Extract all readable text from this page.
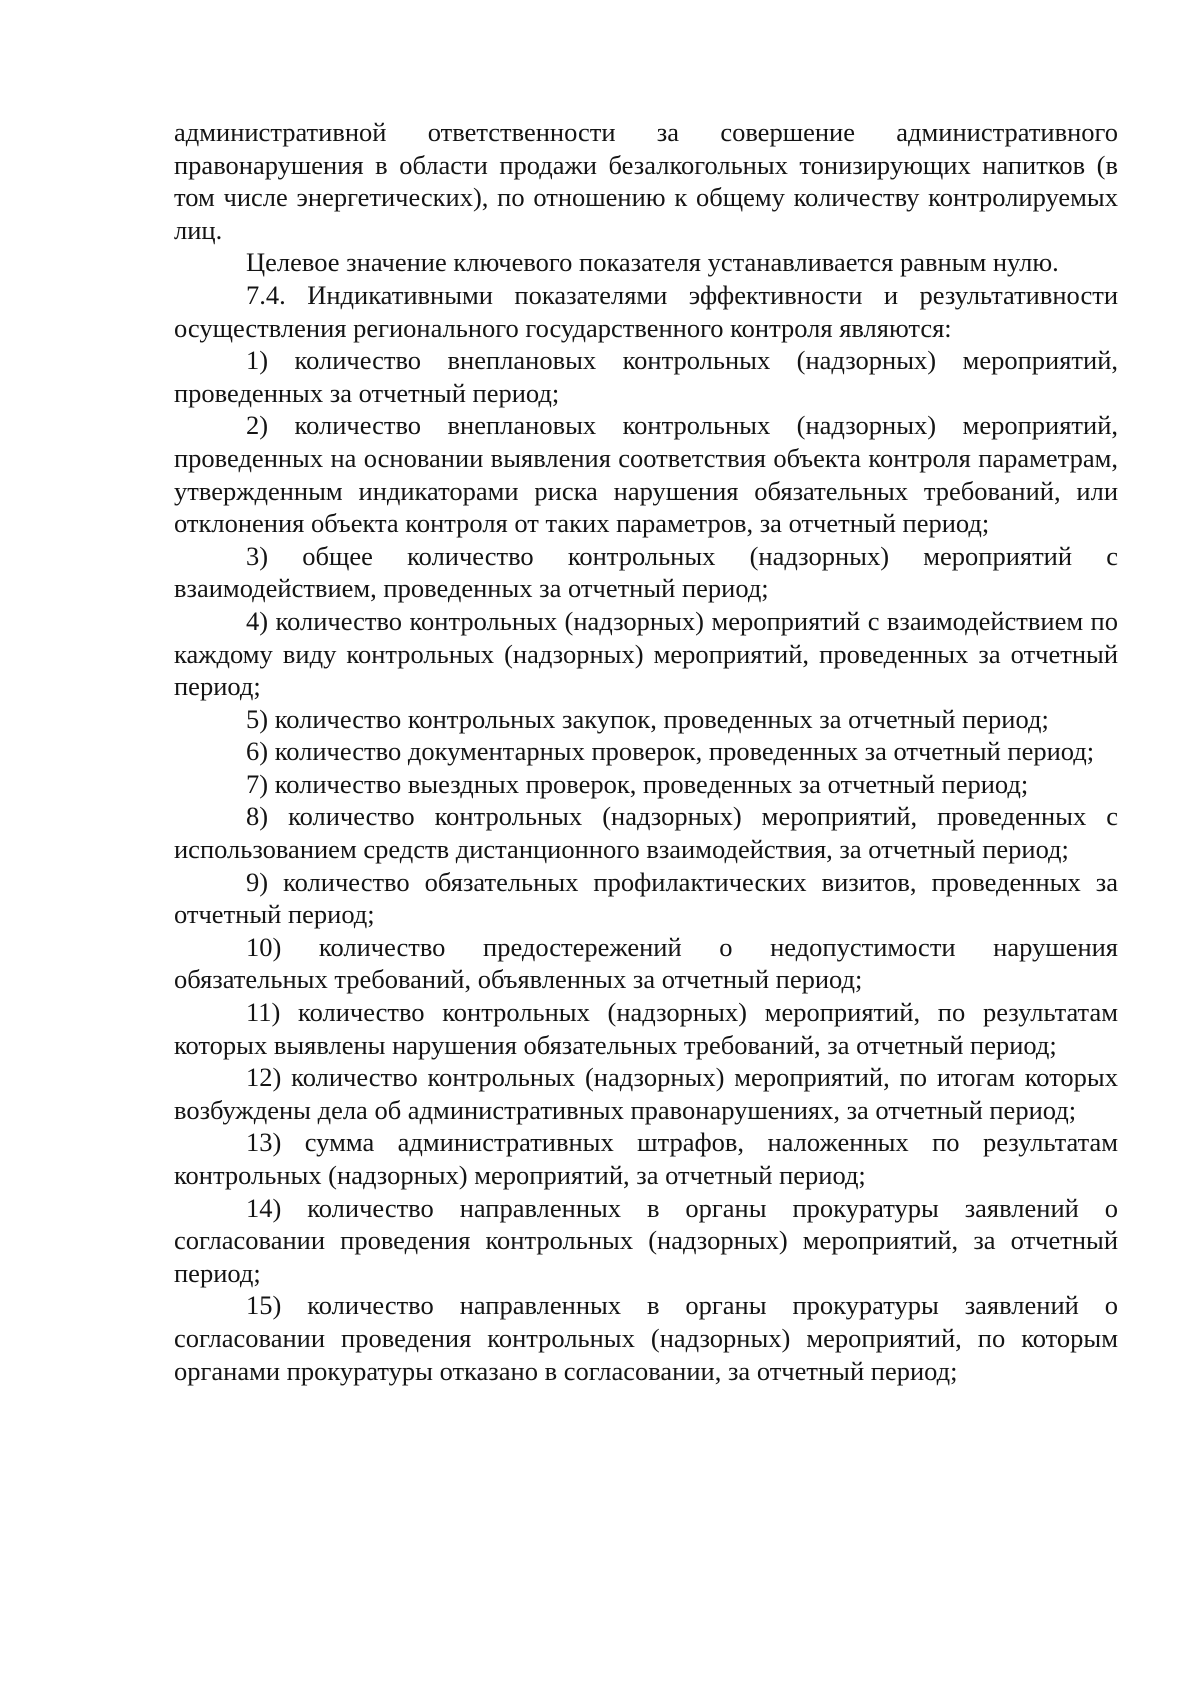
административной ответственности за совершение административного правонарушения в области продажи безалкогольных тонизирующих напитков (в том числе энергетических), по отношению к общему количеству контролируемых лиц.

Целевое значение ключевого показателя устанавливается равным нулю.

7.4. Индикативными показателями эффективности и результативности осуществления регионального государственного контроля являются:

1) количество внеплановых контрольных (надзорных) мероприятий, проведенных за отчетный период;

2) количество внеплановых контрольных (надзорных) мероприятий, проведенных на основании выявления соответствия объекта контроля параметрам, утвержденным индикаторами риска нарушения обязательных требований, или отклонения объекта контроля от таких параметров, за отчетный период;

3) общее количество контрольных (надзорных) мероприятий с взаимодействием, проведенных за отчетный период;

4) количество контрольных (надзорных) мероприятий с взаимодействием по каждому виду контрольных (надзорных) мероприятий, проведенных за отчетный период;

5) количество контрольных закупок, проведенных за отчетный период;

6) количество документарных проверок, проведенных за отчетный период;

7) количество выездных проверок, проведенных за отчетный период;

8) количество контрольных (надзорных) мероприятий, проведенных с использованием средств дистанционного взаимодействия, за отчетный период;

9) количество обязательных профилактических визитов, проведенных за отчетный период;

10) количество предостережений о недопустимости нарушения обязательных требований, объявленных за отчетный период;

11) количество контрольных (надзорных) мероприятий, по результатам которых выявлены нарушения обязательных требований, за отчетный период;

12) количество контрольных (надзорных) мероприятий, по итогам которых возбуждены дела об административных правонарушениях, за отчетный период;

13) сумма административных штрафов, наложенных по результатам контрольных (надзорных) мероприятий, за отчетный период;

14) количество направленных в органы прокуратуры заявлений о согласовании проведения контрольных (надзорных) мероприятий, за отчетный период;

15) количество направленных в органы прокуратуры заявлений о согласовании проведения контрольных (надзорных) мероприятий, по которым органами прокуратуры отказано в согласовании, за отчетный период;
